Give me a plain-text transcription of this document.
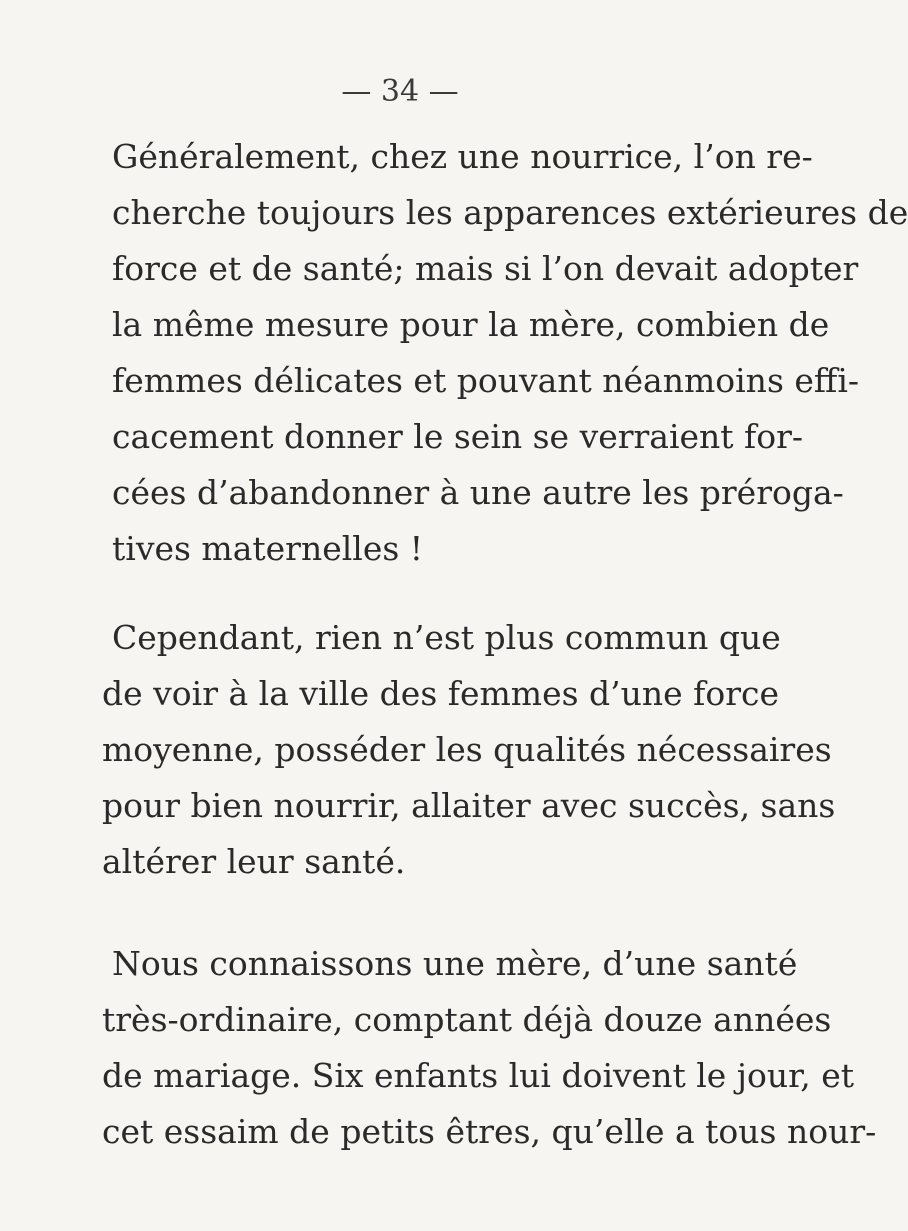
— 34 —
Généralement, chez une nourrice, l’on re-
cherche toujours les apparences extérieures de
force et de santé; mais si l’on devait adopter
la même mesure pour la mère, combien de
femmes délicates et pouvant néanmoins effi-
cacement donner le sein se verraient for-
cées d’abandonner à une autre les préroga-
tives maternelles !
Cependant, rien n’est plus commun que
de voir à la ville des femmes d’une force
moyenne, posséder les qualités nécessaires
pour bien nourrir, allaiter avec succès, sans
altérer leur santé.
Nous connaissons une mère, d’une santé
très-ordinaire, comptant déjà douze années
de mariage. Six enfants lui doivent le jour, et
cet essaim de petits êtres, qu’elle a tous nour-
